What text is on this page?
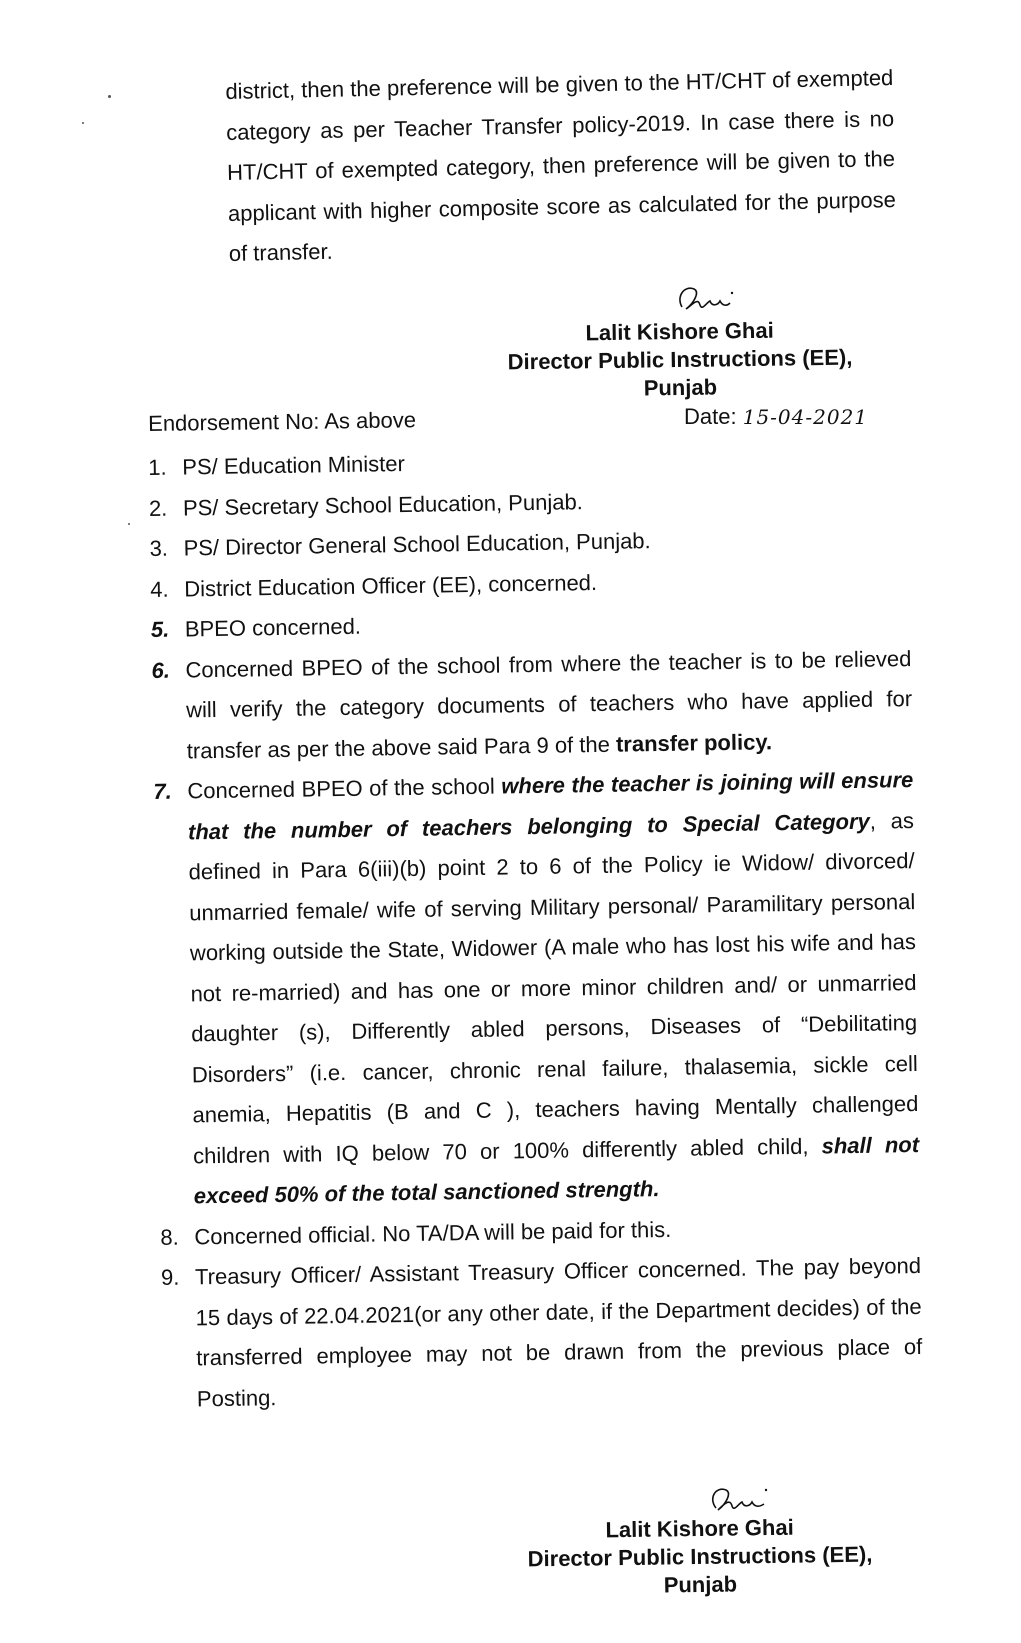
district, then the preference will be given to the HT/CHT of exempted category as per Teacher Transfer policy-2019. In case there is no HT/CHT of exempted category, then preference will be given to the applicant with higher composite score as calculated for the purpose of transfer.
Lalit Kishore Ghai
Director Public Instructions (EE),
Punjab
Date: 15-04-2021
Endorsement No: As above
1. PS/ Education Minister
2. PS/ Secretary School Education, Punjab.
3. PS/ Director General School Education, Punjab.
4. District Education Officer (EE), concerned.
5. BPEO concerned.
6. Concerned BPEO of the school from where the teacher is to be relieved will verify the category documents of teachers who have applied for transfer as per the above said Para 9 of the transfer policy.
7. Concerned BPEO of the school where the teacher is joining will ensure that the number of teachers belonging to Special Category, as defined in Para 6(iii)(b) point 2 to 6 of the Policy ie Widow/ divorced/ unmarried female/ wife of serving Military personal/ Paramilitary personal working outside the State, Widower (A male who has lost his wife and has not re-married) and has one or more minor children and/ or unmarried daughter (s), Differently abled persons, Diseases of “Debilitating Disorders” (i.e. cancer, chronic renal failure, thalasemia, sickle cell anemia, Hepatitis (B and C ), teachers having Mentally challenged children with IQ below 70 or 100% differently abled child, shall not exceed 50% of the total sanctioned strength.
8. Concerned official. No TA/DA will be paid for this.
9. Treasury Officer/ Assistant Treasury Officer concerned. The pay beyond 15 days of 22.04.2021(or any other date, if the Department decides) of the transferred employee may not be drawn from the previous place of Posting.
Lalit Kishore Ghai
Director Public Instructions (EE),
Punjab
